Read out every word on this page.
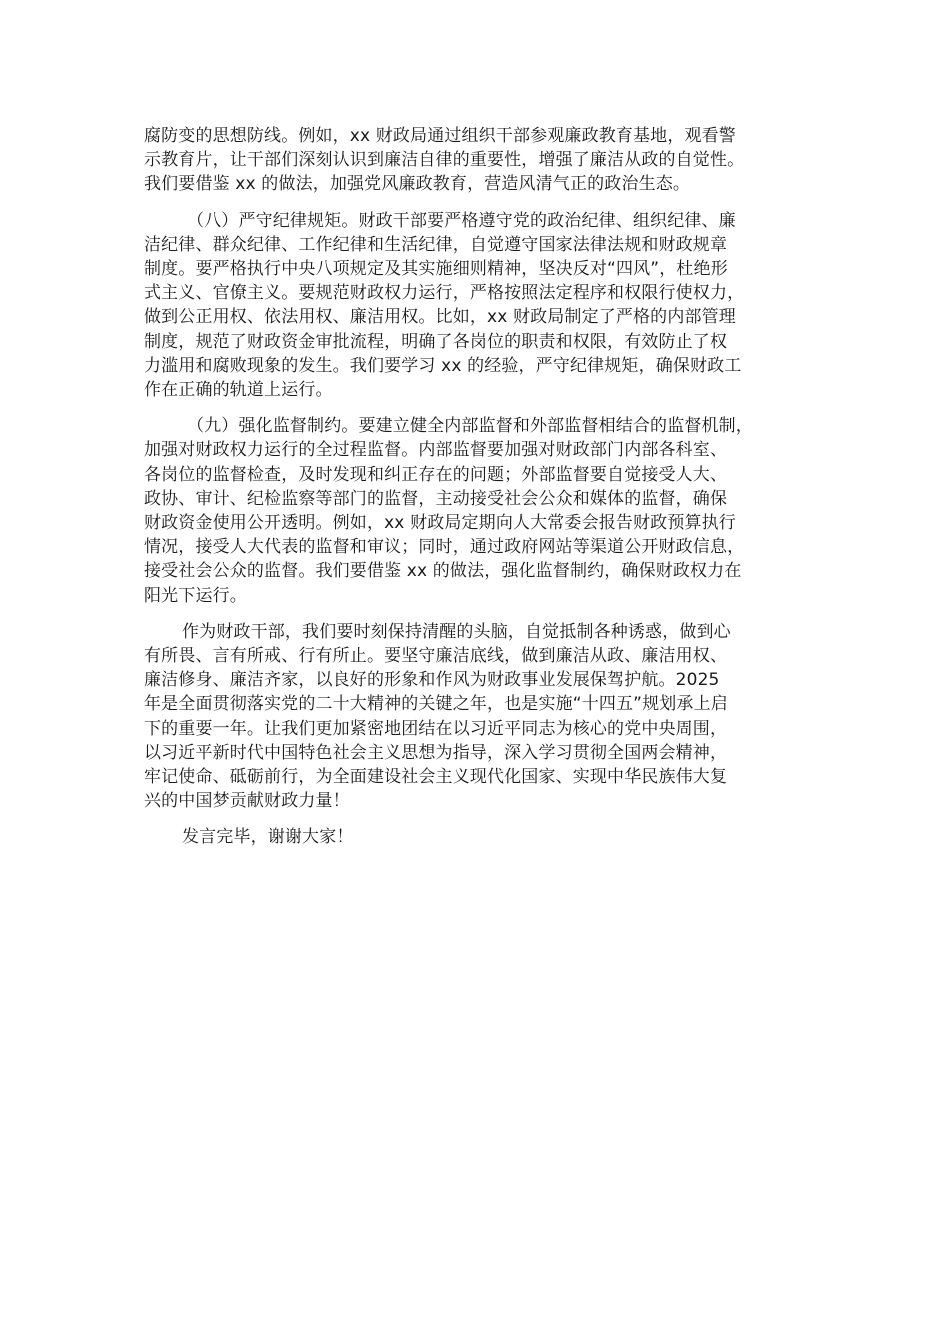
腐防变的思想防线。例如，xx 财政局通过组织干部参观廉政教育基地，观看警
示教育片，让干部们深刻认识到廉洁自律的重要性，增强了廉洁从政的自觉性。
我们要借鉴 xx 的做法，加强党风廉政教育，营造风清气正的政治生态。

（八）严守纪律规矩。财政干部要严格遵守党的政治纪律、组织纪律、廉
洁纪律、群众纪律、工作纪律和生活纪律，自觉遵守国家法律法规和财政规章
制度。要严格执行中央八项规定及其实施细则精神，坚决反对“四风”，杜绝形
式主义、官僚主义。要规范财政权力运行，严格按照法定程序和权限行使权力，
做到公正用权、依法用权、廉洁用权。比如，xx 财政局制定了严格的内部管理
制度，规范了财政资金审批流程，明确了各岗位的职责和权限，有效防止了权
力滥用和腐败现象的发生。我们要学习 xx 的经验，严守纪律规矩，确保财政工
作在正确的轨道上运行。

（九）强化监督制约。要建立健全内部监督和外部监督相结合的监督机制，
加强对财政权力运行的全过程监督。内部监督要加强对财政部门内部各科室、
各岗位的监督检查，及时发现和纠正存在的问题；外部监督要自觉接受人大、
政协、审计、纪检监察等部门的监督，主动接受社会公众和媒体的监督，确保
财政资金使用公开透明。例如，xx 财政局定期向人大常委会报告财政预算执行
情况，接受人大代表的监督和审议；同时，通过政府网站等渠道公开财政信息，
接受社会公众的监督。我们要借鉴 xx 的做法，强化监督制约，确保财政权力在
阳光下运行。

作为财政干部，我们要时刻保持清醒的头脑，自觉抵制各种诱惑，做到心
有所畏、言有所戒、行有所止。要坚守廉洁底线，做到廉洁从政、廉洁用权、
廉洁修身、廉洁齐家，以良好的形象和作风为财政事业发展保驾护航。2025
年是全面贯彻落实党的二十大精神的关键之年，也是实施“十四五”规划承上启
下的重要一年。让我们更加紧密地团结在以习近平同志为核心的党中央周围，
以习近平新时代中国特色社会主义思想为指导，深入学习贯彻全国两会精神，
牢记使命、砥砺前行，为全面建设社会主义现代化国家、实现中华民族伟大复
兴的中国梦贡献财政力量！

发言完毕，谢谢大家！
